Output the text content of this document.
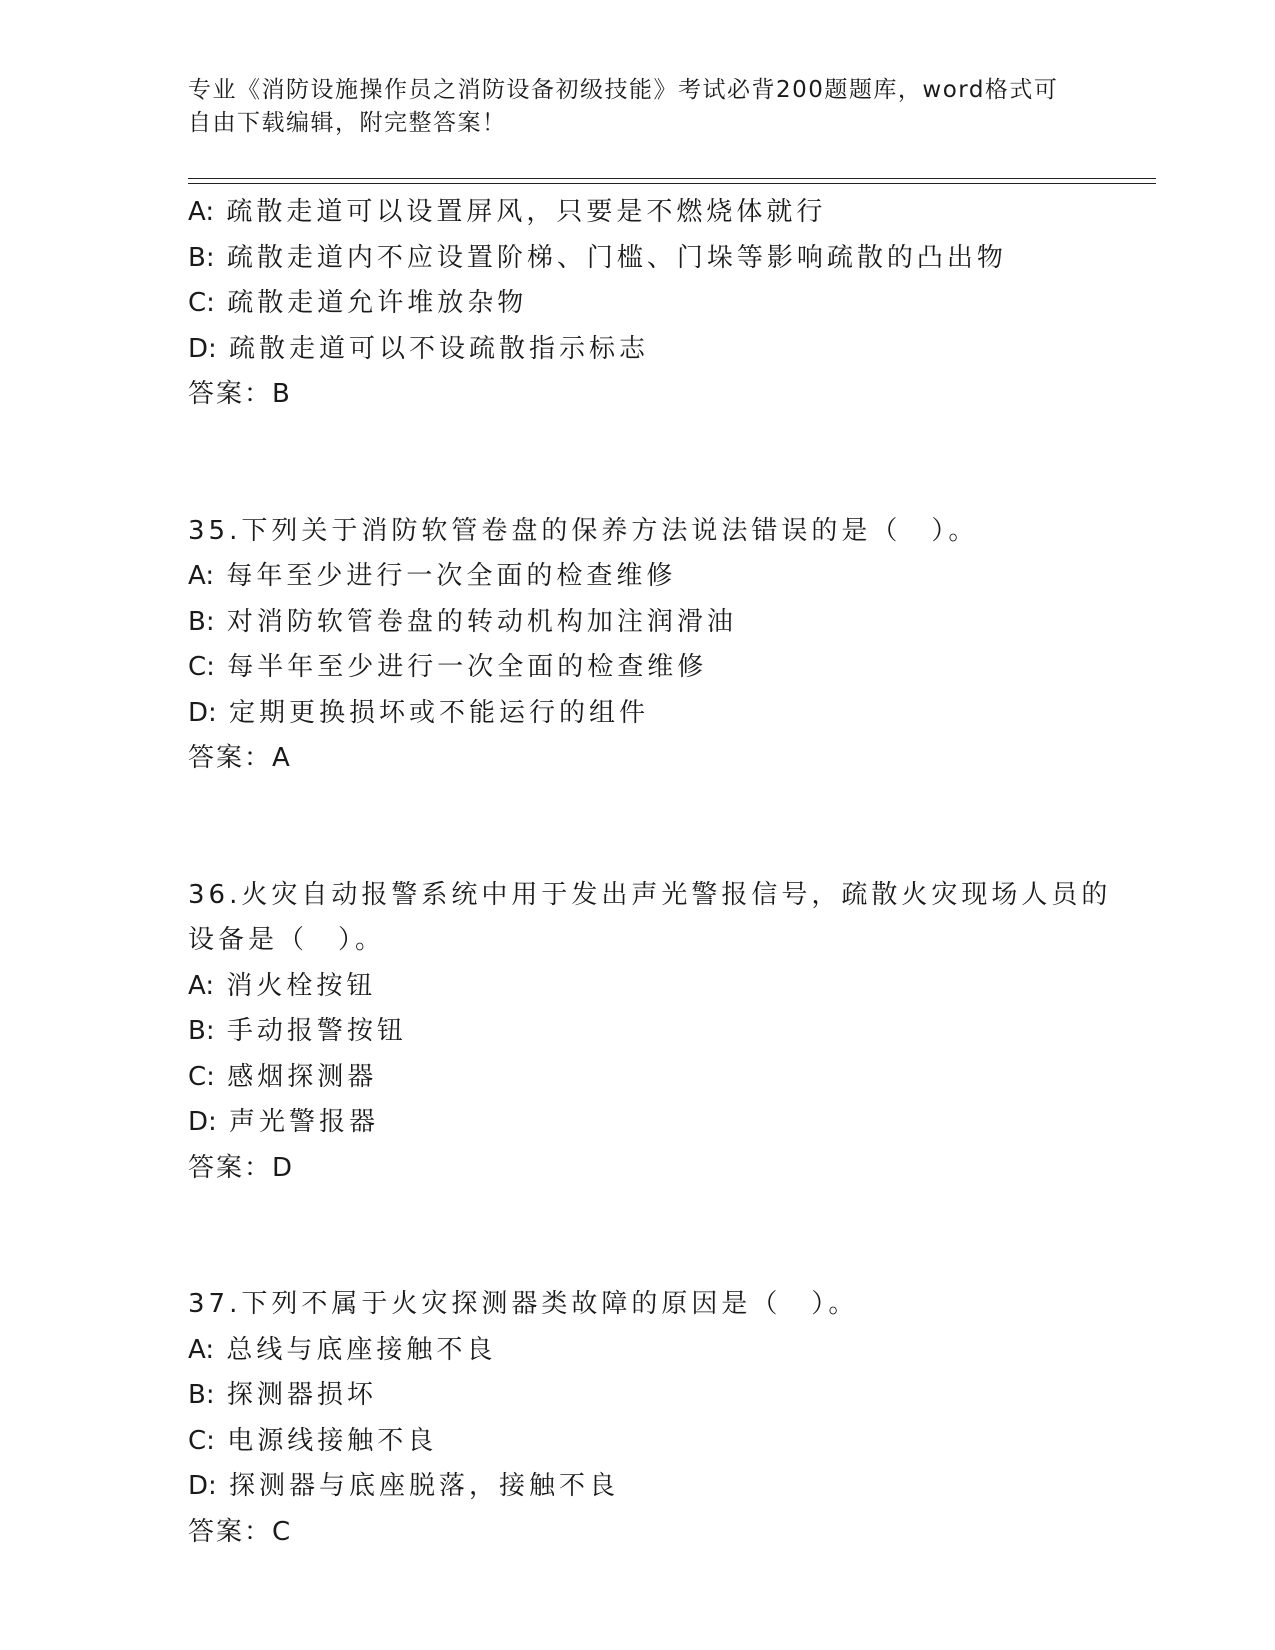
专业《消防设施操作员之消防设备初级技能》考试必背200题题库，word格式可

自由下载编辑，附完整答案！

A: 疏散走道可以设置屏风，只要是不燃烧体就行
B: 疏散走道内不应设置阶梯、门槛、门垛等影响疏散的凸出物
C: 疏散走道允许堆放杂物
D: 疏散走道可以不设疏散指示标志
答案：B
35.下列关于消防软管卷盘的保养方法说法错误的是（　）。
A: 每年至少进行一次全面的检查维修
B: 对消防软管卷盘的转动机构加注润滑油
C: 每半年至少进行一次全面的检查维修
D: 定期更换损坏或不能运行的组件
答案：A
36.火灾自动报警系统中用于发出声光警报信号，疏散火灾现场人员的
设备是（　）。
A: 消火栓按钮
B: 手动报警按钮
C: 感烟探测器
D: 声光警报器
答案：D
37.下列不属于火灾探测器类故障的原因是（　）。
A: 总线与底座接触不良
B: 探测器损坏
C: 电源线接触不良
D: 探测器与底座脱落，接触不良
答案：C
